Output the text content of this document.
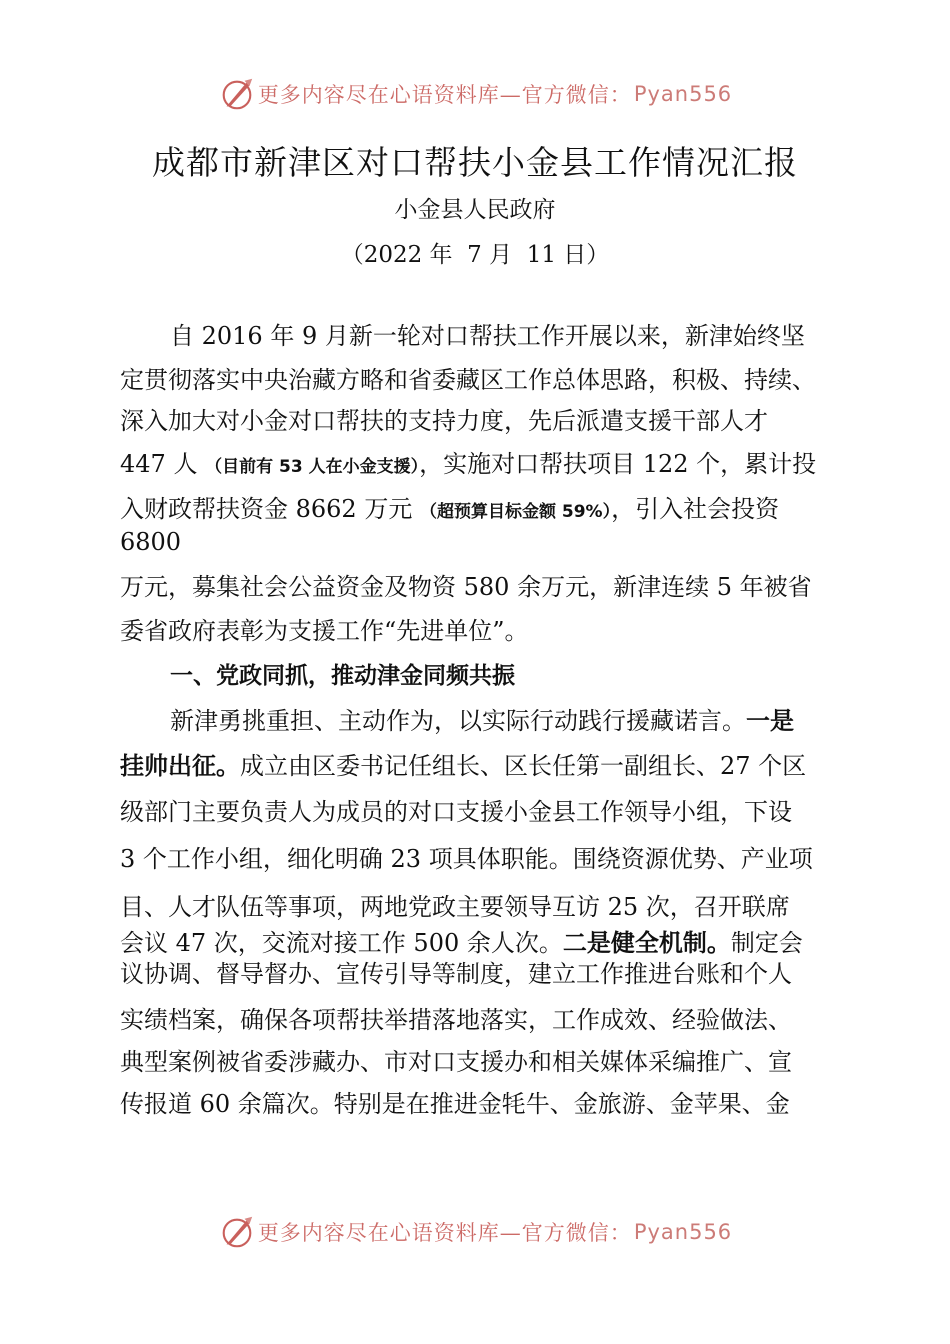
更多内容尽在心语资料库—官方微信： Pyan556
成都市新津区对口帮扶小金县工作情况汇报
小金县人民政府
（2022 年  7 月  11 日）
自 2016 年 9 月新一轮对口帮扶工作开展以来，新津始终坚
定贯彻落实中央治藏方略和省委藏区工作总体思路，积极、持续、
深入加大对小金对口帮扶的支持力度，先后派遣支援干部人才
447 人 （目前有 53 人在小金支援），实施对口帮扶项目 122 个，累计投
入财政帮扶资金 8662 万元 （超预算目标金额 59%），引入社会投资
6800
万元，募集社会公益资金及物资 580 余万元，新津连续 5 年被省
委省政府表彰为支援工作“先进单位”。
一、党政同抓，推动津金同频共振
新津勇挑重担、主动作为，以实际行动践行援藏诺言。一是
挂帅出征。成立由区委书记任组长、区长任第一副组长、27 个区
级部门主要负责人为成员的对口支援小金县工作领导小组，下设
3 个工作小组，细化明确 23 项具体职能。围绕资源优势、产业项
目、人才队伍等事项，两地党政主要领导互访 25 次，召开联席
会议 47 次，交流对接工作 500 余人次。二是健全机制。制定会
议协调、督导督办、宣传引导等制度，建立工作推进台账和个人
实绩档案，确保各项帮扶举措落地落实，工作成效、经验做法、
典型案例被省委涉藏办、市对口支援办和相关媒体采编推广、宣
传报道 60 余篇次。特别是在推进金牦牛、金旅游、金苹果、金
更多内容尽在心语资料库—官方微信： Pyan556
